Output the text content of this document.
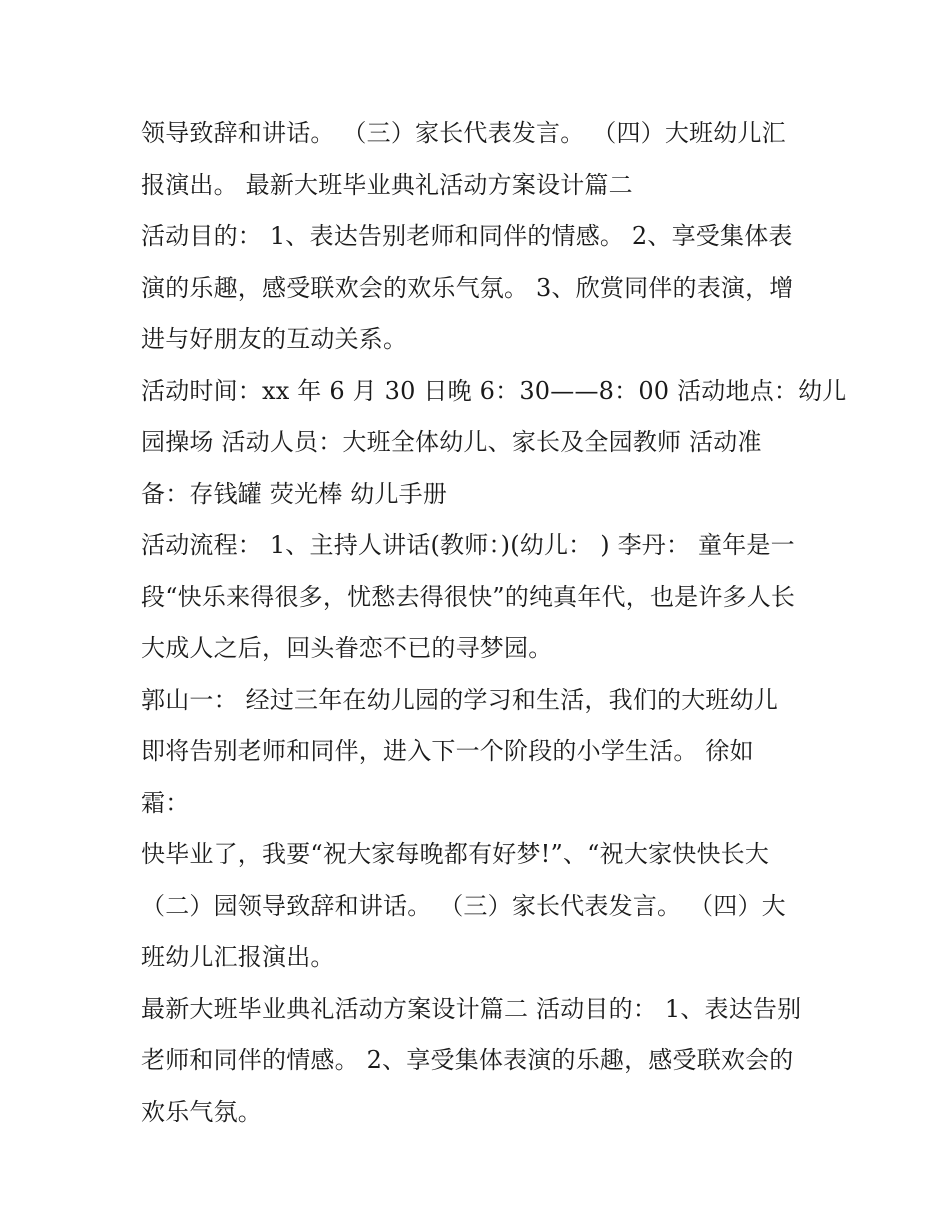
领导致辞和讲话。 （三）家长代表发言。 （四）大班幼儿汇
报演出。 最新大班毕业典礼活动方案设计篇二
活动目的： 1、表达告别老师和同伴的情感。 2、享受集体表
演的乐趣，感受联欢会的欢乐气氛。 3、欣赏同伴的表演，增
进与好朋友的互动关系。
活动时间：xx 年 6 月 30 日晚 6：30——8：00 活动地点：幼儿
园操场 活动人员：大班全体幼儿、家长及全园教师 活动准
备：存钱罐 荧光棒 幼儿手册
活动流程： 1、主持人讲话(教师：)(幼儿： ) 李丹： 童年是一
段“快乐来得很多，忧愁去得很快”的纯真年代，也是许多人长
大成人之后，回头眷恋不已的寻梦园。
郭山一： 经过三年在幼儿园的学习和生活，我们的大班幼儿
即将告别老师和同伴，进入下一个阶段的小学生活。 徐如
霜：
快毕业了，我要“祝大家每晚都有好梦!”、“祝大家快快长大
（二）园领导致辞和讲话。 （三）家长代表发言。 （四）大
班幼儿汇报演出。
最新大班毕业典礼活动方案设计篇二 活动目的： 1、表达告别
老师和同伴的情感。 2、享受集体表演的乐趣，感受联欢会的
欢乐气氛。
